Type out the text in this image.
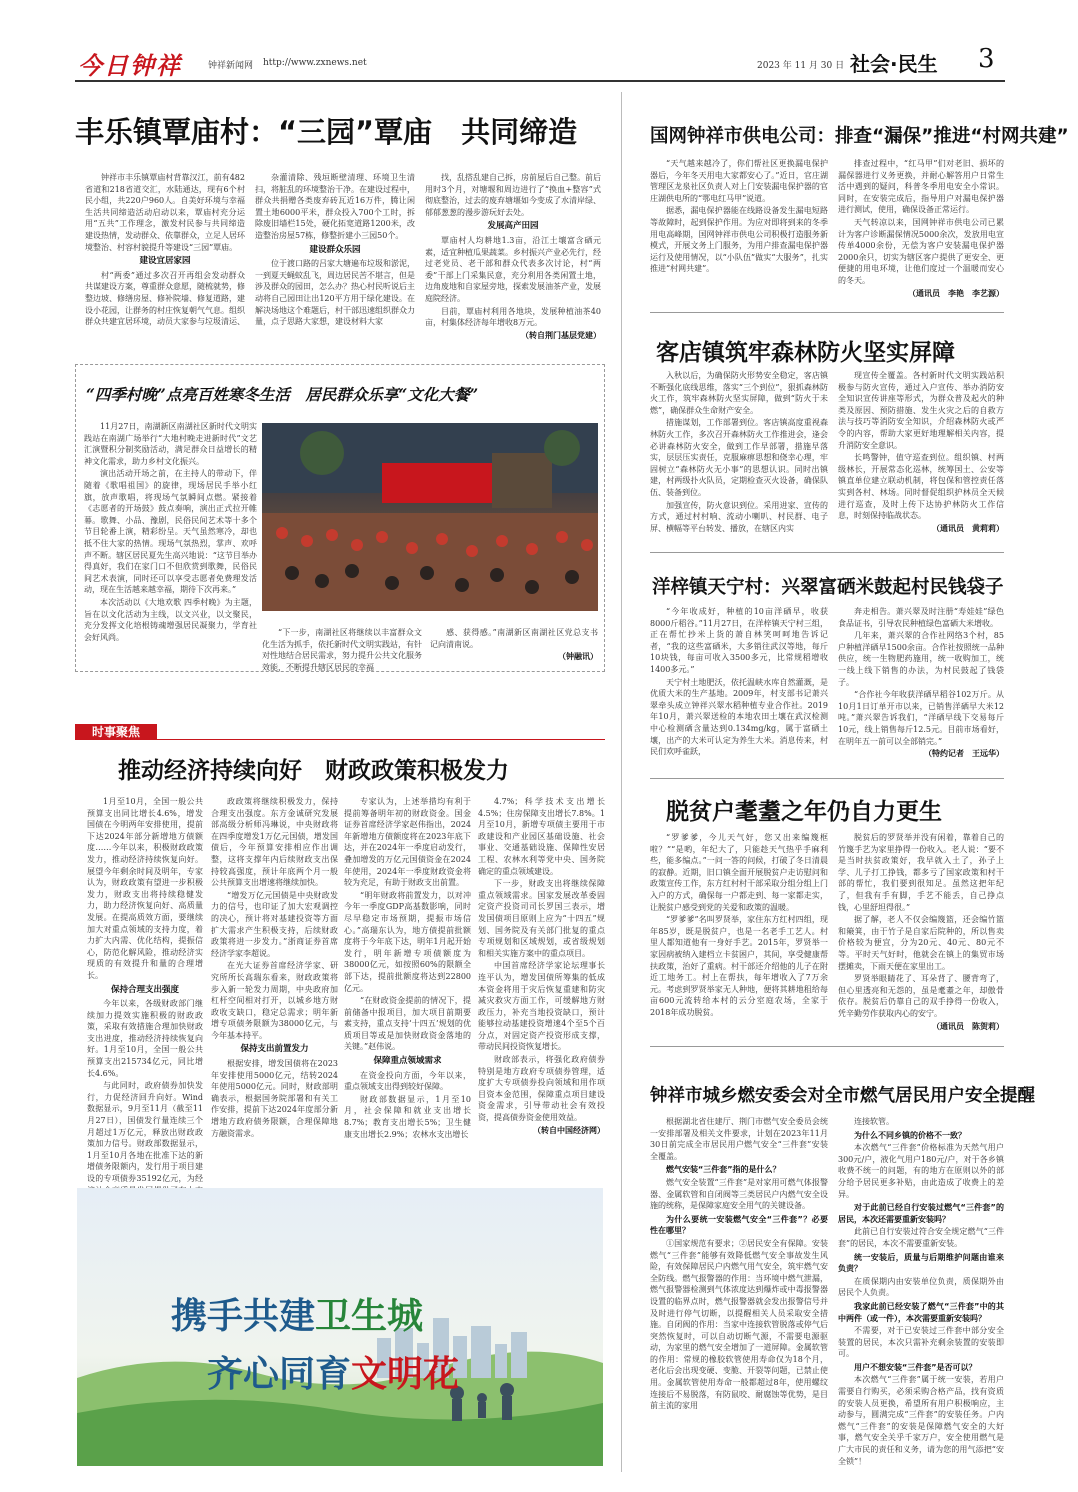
今日钟祥	钟祥新闻网 http://www.zxnews.net	2023 年 11 月 30 日 社会·民生 3
丰乐镇覃庙村：“三园”覃庙　共同缔造

钟祥市丰乐镇覃庙村背靠汉江，前有482省道和218省道交汇，水陆通达，现有6个村民小组，共220户960人。自美好环境与幸福生活共同缔造活动启动以来，覃庙村充分运用“五共”工作理念，激发村民参与共同缔造建设热情，发动群众、依靠群众，立足人居环境整治、村容村貌提升等建设“三园”覃庙。

建设宜居家园

村“两委”通过多次召开再组会发动群众共谋建设方案，尊重群众意愿，随梳就势，修整边坡、修缮房屋、修补院墙、修复道路，建设小花园，让群务的村庄恢复朝气气息。组织群众共建宜居环境，动员大家参与垃圾清运、

杂灌清除、残垣断壁清理、环境卫生清扫，将脏乱的环境整治干净。在建设过程中，群众共捐赠各类废弃砖瓦近16万件，腾让闲置土地6000平米，群众投入700个工时，拆除废旧墙栏15处，硬化拓宽道路1200米，改造整治房屋57栋，修整折建小三园50个。

建设群众乐园

位于渡口路的吕家大塘遍布垃圾和淤泥，一到夏天蝇蚊乱飞，周边居民苦不堪言，但是涉及群众的园田，怎么办？热心村民听说后主动将自己园田让出120平方用于绿化建设。在解决场地这个难题后，村干部迅速组织群众力量，点子思路大家想，建设材料大家

找，乱搭乱建自己拆，房前屋后自己整。前后用时3个月，对塘堰和周边进行了“换血+整容”式彻底整治，过去的废弃塘堰如今变成了水清岸绿、郁郁葱葱的漫步游玩好去处。

发展高产田园

覃庙村人均耕地1.3亩，沿江土壤富含硒元素，适宜种植瓜果蔬菜。乡村振兴产业必先行，经过老党员、老干部和群众代表多次讨论，村“两委”干部上门采集民意，充分利用各类闲置土地，边角废地和自家屋旁地，探索发展油茶产业，发展庭院经济。

目前，覃庙村利用各地块，发展种植油茶40亩，村集体经济每年增收8万元。

（转自荆门基层党建）
“四季村晚”点亮百姓寒冬生活　居民群众乐享“文化大餐”

11月27日，南湖新区南湖社区新时代文明实践站在南湖广场举行“大地村晚走进新时代”文艺汇演暨积分制奖励活动，满足群众日益增长的精神文化需求，助力乡村文化振兴。

演出活动开场之前，在主持人的带动下，伴随着《歌唱祖国》的旋律，现场居民手举小红旗，放声歌唱，将现场气氛瞬间点燃。紧接着《志愿者的开场鼓》鼓点奏响，演出正式拉开帷幕。歌舞、小品、豫剧，民俗民间艺术等十多个节目轮番上演，精彩纷呈。天气虽然寒冷，却也抵不住大家的热情。现场气氛热烈，掌声、欢呼声不断。辖区居民夏先生高兴地说：“这节目举办得真好，我们在家门口不但欣赏到歌舞，民俗民间艺术表演，同时还可以享受志愿者免费理发活动，现在生活越来越幸福，期待下次再来。”

本次活动以《大地欢歌 四季村晚》为主题，旨在以文化活动为主线，以文兴业，以文聚民，充分发挥文化培根铸魂增强居民凝聚力，学育社会好风尚。

“下一步，南湖社区将继续以丰富群众文化生活为抓手，依托新时代文明实践站，有针对性地结合居民需求，努力提升公共文化服务效能，不断提升辖区居民的幸福

感、获得感。”南湖新区南湖社区党总支书记向清南说。

（钟融讯）
时事聚焦
推动经济持续向好　财政政策积极发力

1月至10月，全国一般公共预算支出同比增长4.6%，增发国债在今明两年安排使用，提前下达2024年部分新增地方债额度……今年以来，积极财政政策发力，推动经济持续恢复向好。展望今年剩余时间及明年，专家认为，财政政策有望进一步积极发力，财政支出将持续稳健发力，助力经济恢复向好、高质量发展。在提高质效方面，要继续加大对重点领域的支持力度，着力扩大内需、优化结构，提振信心，防范化解风险，推动经济实现质的有效提升和量的合理增长。

保持合理支出强度

今年以来，各级财政部门继续加力提效实施积极的财政政策，采取有效措施合理加快财政支出进度，推动经济持续恢复向好。1月至10月，全国一般公共预算支出215734亿元，同比增长4.6%。

与此同时，政府债券加快发行，力促经济回升向好。Wind数据显示，9月至11月（截至11月27日），国债发行量连续三个月超过1万亿元，释放出财政政策加力信号。财政部数据显示，1月至10月各地在批准下达的新增债务限额内，发行用于项目建设的专项债券35192亿元，为经

政政策将继续积极发力，保持合理支出强度。东方金诚研究发展部高级分析师冯琳说，中央财政将在四季度增发1万亿元国债，增发国债后，今年预算安排相应作出调整，这将支撑年内后续财政支出保持较高强度，预计年底两个月一般公共预算支出增速将继续加快。

“增发万亿元国债是中央财政发力的信号，也印证了加大宏观调控的决心，预计将对基建投资等方面扩大需求产生积极支持，后续财政政策将进一步发力。”浙商证券首席经济学家李超说。

在光大证券首席经济学家、研究所所长高瑞东看来，财政政策将步入新一轮发力周期，中央政府加杠杆空间相对打开，以城乡地方财政收支缺口，稳定总需求；明年新增专项债务限额为38000亿元，与今年基本持平。

保持支出前置发力

根据安排，增发国债将在2023年安排使用5000亿元，结转2024年使用5000亿元。同时，财政部明确表示，根据国务院部署和有关工作安排，提前下达2024年度部分新增地方政府债务限额，合理保障地方融资需求。

专家认为，上述举措均有利于提前筹备明年初的财政资金。国金证券首席经济学家赵伟指出，2024年新增地方债额度将在2023年底下达，并在2024年一季度启动发行，叠加增发的万亿元国债资金在2024年使用，2024年一季度财政资金将较为充足，有助于财政支出前置。

“明年财政将前置发力，以对冲今年一季度GDP高基数影响，同时尽早稳定市场预期，提振市场信心。”高瑞东认为，地方债提前批额度将于今年底下达，明年1月起开始发行，明年新增专项债额度为38000亿元，如按照60%的限额全部下达，提前批额度将达到22800亿元。

“在财政资金提前的情况下，提前储备中报项目，加大项目前期要素支持，重点支持‘十四五’规划的优质项目等或是加快财政资金落地的关键。”赵伟说。

保障重点领域需求

在资金投向方面，今年以来，重点领域支出得到较好保障。

财政部数据显示，1月至10月，社会保障和就业支出增长8.7%；教育支出增长5%；卫生健康支出增长2.9%；农林水支出增长

4.7%；科学技术支出增长4.5%；住房保障支出增长7.8%。1月至10月，新增专项债主要用于市政建设和产业园区基础设施、社会事业、交通基础设施、保障性安居工程、农林水利等党中央、国务院确定的重点领域建设。

下一步，财政支出将继续保障重点领域需求。国家发展改革委固定资产投资司司长罗国三表示，增发国债项目原则上应为“十四五”规划、国务院及有关部门批复的重点专项规划和区域规划，或省级规划和相关实施方案中的重点项目。

中国首席经济学家论坛理事长连平认为，增发国债所筹集的低成本资金将用于灾后恢复重建和防灾减灾救灾方面工作，可缓解地方财政压力，补充当地投资缺口，预计能够拉动基建投资增速4个至5个百分点，对固定资产投资形成支撑，带动民间投资恢复增长。

财政部表示，将强化政府债券特别是地方政府专项债券管理，适度扩大专项债券投向领域和用作项目资本金范围，保障重点项目建设资金需求，引导带动社会有效投资，提高债券资金使用效益。

（转自中国经济网）
携手共建卫生城
齐心同育文明花
国网钟祥市供电公司：排查“漏保”推进“村网共建”

“天气越来越冷了，你们帮社区更换漏电保护器后，今年冬天用电大家都安心了。”近日，官庄湖管理区龙泉社区负责人对上门安装漏电保护器的官庄湖供电所的“鄂电红马甲”说道。

据悉，漏电保护器能在线路设备发生漏电短路等故障时，起到保护作用。为应对即将到来的冬季用电高峰期，国网钟祥市供电公司积极打造服务新模式，开展文务上门服务，为用户排查漏电保护器运行及使用情况，以“小队伍”做实“大服务”，扎实推进“村网共建”。

排查过程中，“红马甲”们对老旧、损坏的漏保器进行义务更换，并耐心解答用户日常生活中遇到的疑问，科普冬季用电安全小常识。同时，在安装完成后，指导用户对漏电保护器进行测试，使用，确保设备正常运行。

天气转凉以来，国网钟祥市供电公司已累计为客户诊断漏保情况5000余次，发放用电宣传单4000余份，无偿为客户安装漏电保护器2000余只，切实为辖区客户提供了更安全、更便捷的用电环境，让他们度过一个温暖而安心的冬天。

（通讯员　李艳　李艺源）
客店镇筑牢森林防火坚实屏障

入秋以后，为确保防火形势安全稳定，客店镇不断强化底线思维，落实“三个到位”，狠抓森林防火工作，筑牢森林防火坚实屏障，做到“防火于未燃”，确保群众生命财产安全。

措施谋划，工作部署到位。客店镇高度重视森林防火工作，多次召开森林防火工作推进会，逢会必讲森林防火安全，做到工作早部署，措施早落实，层层压实责任，克服麻痹思想和侥幸心理，牢固树立“森林防火无小事”的思想认识。同时出镇建，村两级扑火队员，定期检查灭火设备，确保队伍、装备到位。

加强宣传，防火意识到位。采用进家、宣传的方式，通过村村响、流动小喇叭、村民群、电子屏、横幅等平台转发、播放，在辖区内实

现宣传全覆盖。各村新时代文明实践站积极参与防火宣传，通过入户宣传、举办消防安全知识宣传讲座等形式，为群众普及起火的种类及原因、预防措施、发生火灾之后的自救方法与技巧等消防安全知识，介绍森林防火或严令的内容，帮助大家更好地理解相关内容，提升消防安全意识。

长鸣警钟，值守巡查到位。组织镇、村两级林长，开展常态化巡林，统筹国土、公安等镇直单位建立联动机制，将包保和管控责任落实到各村、林场。同时督促组织护林员全天候进行巡查，及时上传下达协护林防火工作信息，时刻保持临战状态。

（通讯员　黄莉莉）
洋梓镇天宁村：兴翠富硒米鼓起村民钱袋子

“今年收成好，种植的10亩洋硒早，收获8000斤稻谷。”11月27日，在洋梓镇天宁村三组，正在帮忙抄米上货的萧自林笑呵呵地告诉记者，“我的这些富硒米，大多销往武汉等地，每斤10块钱，每亩可收入3500多元，比常规稻增收1400多元。”

天宁村土地肥沃，依托温峡水库自然灌溉，是优质大米的生产基地。2009年，村支部书记萧兴翠牵头成立钟祥兴翠水稻种植专业合作社。2019年10月，萧兴翠送检的本地农田土壤在武汉检测中心检测硒含量达到0.134mg/kg，属于富硒土壤，出产的大米可认定为养生大米。消息传来，村民们欢呼雀跃，

奔走相告。萧兴翠及时注册“寿娃娃”绿色食品证书，引导农民种植绿色富硒大米增收。

几年来，萧兴翠的合作社网络3个村，85户种植洋硒早1500余亩。合作社按照统一品种供应，统一生物肥药施用，统一收购加工，统一线上线下销售的办法，为村民鼓起了钱袋子。

“合作社今年收获洋硒早稻谷102万斤。从10月1日订单开市以来，已销售洋硒早大米12吨。”萧兴翠告诉我们，“洋硒早线下交易每斤10元，线上销售每斤12.5元。目前市场看好，在明年五一前可以全部销完。”

（特约记者　王远华）
脱贫户耄耋之年仍自力更生

“罗爹爹，今儿天气好，您又出来编篾框啦？”“是哟，年纪大了，只能趁天气热乎手麻利些，能多编点。”一问一答的问候，打破了冬日清晨的寂静。近期，旧口镇全面开展脱贫户走访慰问和政策宣传工作，东方红村村干部采取分组分组上门入户的方式，确保每一户都走到、每一家都走实，让脱贫户感受到党的关爱和政策的温暖。

“罗爹爹”名叫罗贤举，家住东方红村四组，现年85岁，既是脱贫户，也是一名老手工艺人。村里人都知道他有一身好手艺。2015年，罗贤举一家因病被纳入建档立卡贫困户，其间，享受健康帮扶政策，治好了重病。村干部还介绍他的儿子在附近工地务工。村上在帮扶，每年增收入了7万余元。考虑到罗贤举家无人种地，便将其耕地租给每亩600元流转给本村的云分室庭农场，全家于2018年成功脱贫。

脱贫后的罗贤举并没有闲着，靠着自己的竹篾手艺为家里挣得一份收入。老人说：“要不是当时扶贫政策好，我早就入土了，孙子上学、儿子打工挣钱，都多亏了国家政策和村干部的帮忙，我们要到很知足。虽然这把年纪了，但我有手有脚，手艺不能丢，自己挣点钱，心里舒坦得很。”

据了解，老人不仅会编篾篮，还会编竹篮和簸箕，由于竹子是自家后院种的，所以售卖价格较为便宜，分为20元、40元、80元不等。平时天气好时，他就会在镇上的集贸市场摆摊卖，下雨天便在家里出工。

罗贤举眼睛花了、耳朵背了、腰背弯了，但心里透亮和无怨的，虽是耄耋之年，却傲骨依存。脱贫后仍靠自己的双手挣得一份收入，凭辛勤劳作获取内心的安宁。

（通讯员　陈贺莉）
钟祥市城乡燃安委会对全市燃气居民用户安全提醒

根据湖北省住建厅、荆门市燃气安全委员会统一安排部署及相关文件要求，计划在2023年11月30日前完成全市居民用户燃气安全“三件套”安装全覆盖。

燃气安装“三件套”指的是什么？

燃气安全装置“三件套”是对家用可燃气体报警器、金属软管和自闭阀等三类居民户内燃气安全设施的统称，是保障家庭安全用气的关键设备。

为什么要统一安装燃气安全“三件套”？必要性在哪里？

①国家规范有要求；②居民安全有保障。安装燃气“三件套”能够有效降低燃气安全事故发生风险，有效保障居民户内燃气用气安全，筑牢燃气安全防线。燃气报警器的作用：当环境中燃气泄漏，燃气报警器检测到气体浓度达到爆炸或中毒报警器设置的临界点时，燃气报警器就会发出报警信号并及时进行停气切断，以提醒相关人员采取安全措施。自闭阀的作用：当家中连接软管脱落或停气后突然恢复时，可以自动切断气源，不需要电源驱动，为家里的燃气安全增加了一道屏障。金属软管的作用：常规的橡胶软管使用寿命仅为18个月，老化后会出现变硬、变脆、开裂等问题，已禁止使用。金属软管使用寿命一般都超过8年，使用螺纹连接后不易脱落，有防鼠咬、耐腐蚀等优势，是目前主流的家用

连接软管。

为什么不同乡镇的价格不一致？

本次燃气“三件套”价格标准为天然气用户300元/户，液化气用户180元/户，对于各乡镇收费不统一的问题，有的地方在原则以外的部分给予居民更多补贴，由此造成了收费上的差异。

对于此前已经自行安装过燃气“三件套”的居民，本次还需要重新安装吗？

此前已自行安装过符合安全规定燃气“三件套”的居民，本次不需要重新安装。

统一安装后，质量与后期维护问题由谁来负责？

在质保期内由安装单位负责，质保期外由居民个人负责。

我家此前已经安装了燃气“三件套”中的其中两件（或一件），本次需要重新安装吗？

不需要，对于已安装过三件套中部分安全装置的居民，本次只需补充剩余装置的安装即可。

用户不想安装“三件套”是否可以？

本次燃气“三件套”属于统一安装，若用户需要自行购买，必须采购合格产品，找有资质的安装人员更换，希望所有用户积极响应，主动参与，圆满完成“三件套”的安装任务。户内燃气“三件套”的安装是保障燃气安全的大好事，燃气安全关乎千家万户，安全使用燃气是广大市民的责任和义务，请为您的用气添把“安全锁”！
